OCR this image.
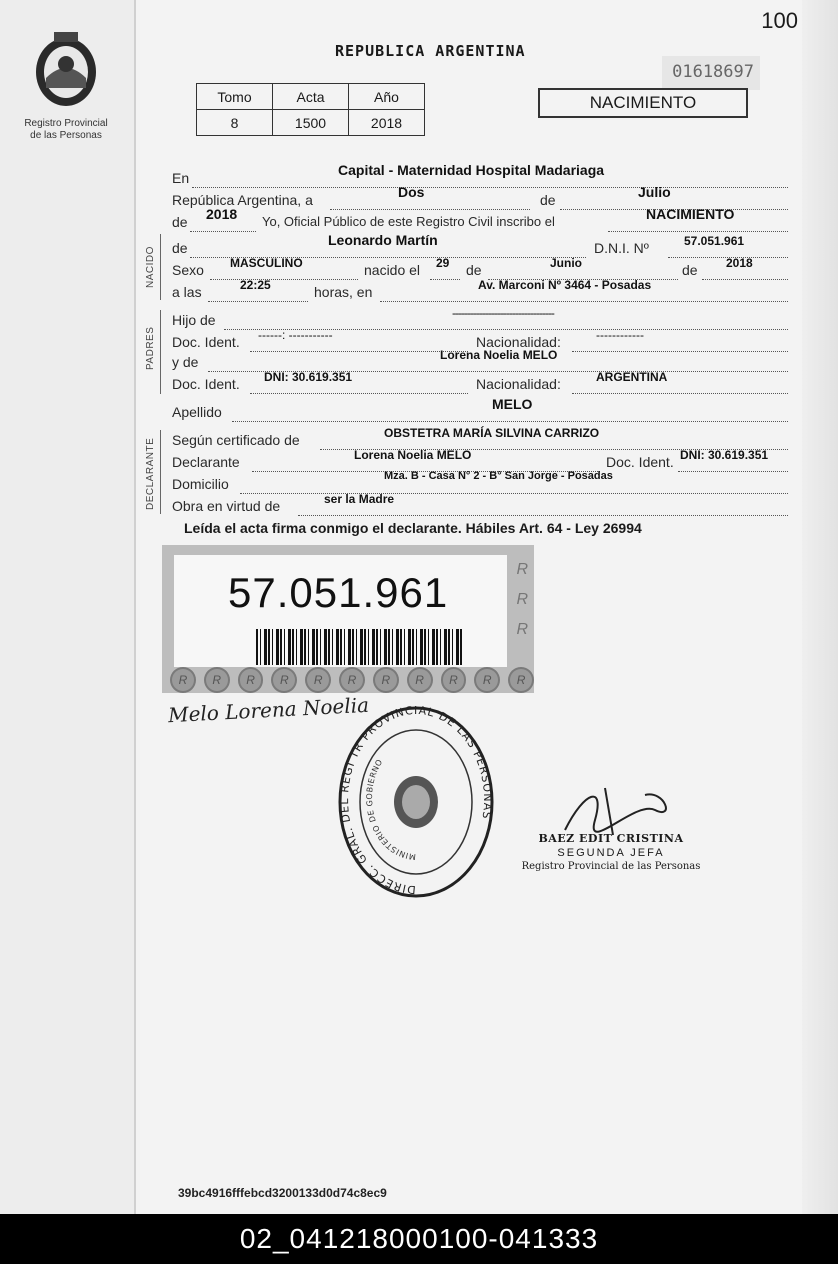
100
Registro Provincial
de las Personas
REPUBLICA ARGENTINA
01618697
NACIMIENTO
Tomo	Acta	Año
8	1500	2018
En	Capital - Maternidad Hospital Madariaga
República Argentina, a	Dos	de	Julio
de 2018 Yo, Oficial Público de este Registro Civil inscribo el	NACIMIENTO
NACIDO de	Leonardo Martín	D.N.I. Nº	57.051.961
Sexo MASCULINO	nacido el 29 de	Junio	de 2018
a las	22:25	horas, en	Av. Marconi Nº 3464 - Posadas
PADRES
Hijo de	----------------------------------
Doc. Ident. ------: -----------	Nacionalidad:	------------
y de	Lorena Noelia MELO
Doc. Ident. DNI: 30.619.351	Nacionalidad:	ARGENTINA
Apellido	MELO
DECLARANTE Según certificado de	OBSTETRA MARÍA SILVINA CARRIZO
Declarante	Lorena Noelia MELO	Doc. Ident. DNI: 30.619.351
Domicilio	Mza. B - Casa N° 2 - B° San Jorge - Posadas
Obra en virtud de	ser la Madre
Leída el acta firma conmigo el declarante. Hábiles Art. 64 - Ley 26994
57.051.961	R
R
R
R	R	R	R	R	R	R	R	R	R	R
Melo Lorena Noelia
DIRECC. GRAL. DEL REGI TR PROVINCIAL DE LAS PERSONAS
MINISTERIO DE GOBIERNO
BAEZ EDIT CRISTINA
SEGUNDA JEFA
Registro Provincial de las Personas
39bc4916fffebcd3200133d0d74c8ec9
02_041218000100-041333
